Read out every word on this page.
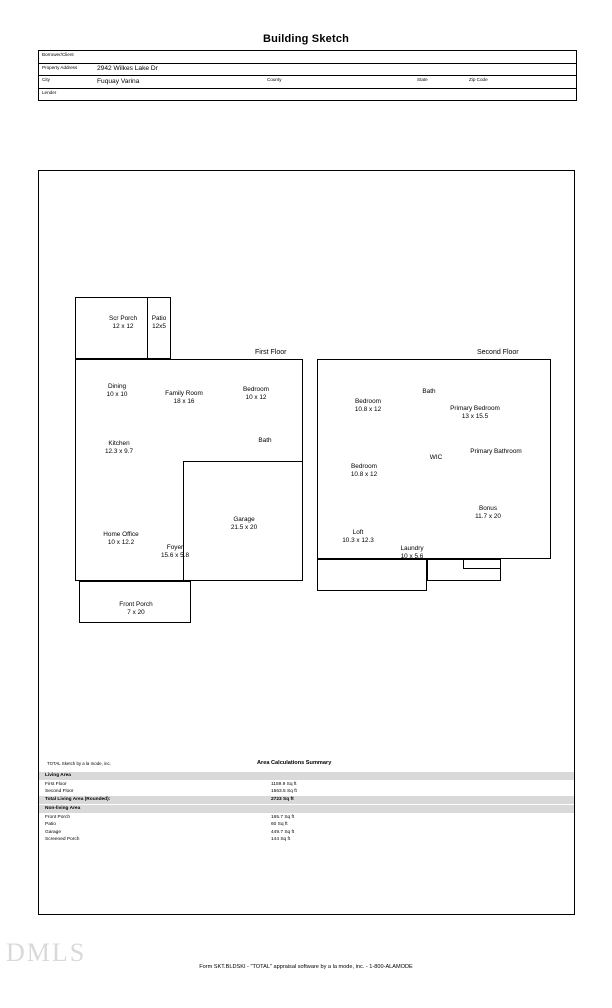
Building Sketch
Borrower/Client
Property Address	2942 Wilkes Lake Dr
City	Fuquay Varina	County	State	Zip Code
Lender
First Floor
Scr Porch
12 x 12
Patio
12x5
Dining
10 x 10	Family Room
18 x 16
Bedroom
10 x 12
Kitchen
12.3 x 9.7
Bath
Home Office
10 x 12.2
Foyer
15.6 x 5.8
Garage
21.5 x 20
Front Porch
7 x 20
Second Floor
Bedroom
10.8 x 12
Bath
Primary Bedroom
13 x 15.5
Bedroom
10.8 x 12
WIC
Primary Bathroom
Bonus
11.7 x 20
Loft
10.3 x 12.3
Laundry
10 x 5.6
TOTAL Sketch by a la mode, inc.	Area Calculations Summary
Living Area
First Floor	1159.9 Sq ft
Second Floor	1563.5 Sq ft
Total Living Area (Rounded):	2723 Sq ft
Non-living Area
Front Porch	165.7 Sq ft
Patio	60 Sq ft
Garage	449.7 Sq ft
Screened Porch	144 Sq ft
DMLS	Form SKT.BLDSKI - "TOTAL" appraisal software by a la mode, inc. - 1-800-ALAMODE
